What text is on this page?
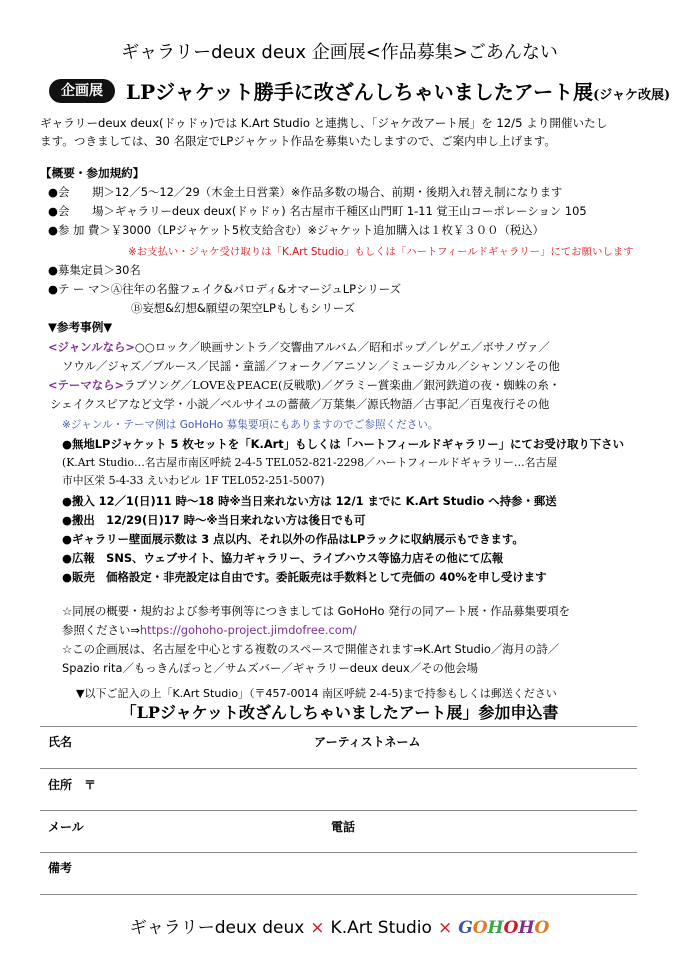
ギャラリーdeux deux 企画展<作品募集>ごあんない
企画展	LPジャケット勝手に改ざんしちゃいましたアート展(ジャケ改展)
ギャラリーdeux deux(ドゥドゥ)では K.Art Studio と連携し、「ジャケ改アート展」を 12/5 より開催いたし
ます。つきましては、30 名限定でLPジャケット作品を募集いたしますので、ご案内申し上げます。
【概要・参加規約】
●会　　期＞12／5〜12／29（木金土日営業）※作品多数の場合、前期・後期入れ替え制になります
●会　　場＞ギャラリーdeux deux(ドゥドゥ) 名古屋市千種区山門町 1-11 覚王山コーポレーション 105
●参 加 費＞￥3000（LPジャケット5枚支給含む）※ジャケット追加購入は１枚￥３００（税込）
※お支払い・ジャケ受け取りは「K.Art Studio」もしくは「ハートフィールドギャラリー」にてお願いします
●募集定員＞30名
●テ ー マ＞Ⓐ往年の名盤フェイク&パロディ&オマージュLPシリーズ
Ⓑ妄想&幻想&願望の架空LPもしもシリーズ
▼参考事例▼
<ジャンルなら>○○ロック／映画サントラ／交響曲アルバム／昭和ポップ／レゲエ／ボサノヴァ／
ソウル／ジャズ／ブルース／民謡・童謡／フォーク／アニソン／ミュージカル／シャンソンその他
<テーマなら>ラブソング／LOVE＆PEACE(反戦歌)／グラミー賞楽曲／銀河鉄道の夜・蜘蛛の糸・
シェイクスピアなど文学・小説／ベルサイユの薔薇／万葉集／源氏物語／古事記／百鬼夜行その他
※ジャンル・テーマ例は GoHoHo 募集要項にもありますのでご参照ください。
●無地LPジャケット 5 枚セットを「K.Art」もしくは「ハートフィールドギャラリー」にてお受け取り下さい
(K.Art Studio…名古屋市南区呼続 2-4-5 TEL052-821-2298／ハートフィールドギャラリー…名古屋
市中区栄 5-4-33 えいわビル 1F TEL052-251-5007)
●搬入 12／1(日)11 時〜18 時※当日来れない方は 12/1 までに K.Art Studio へ持参・郵送
●搬出　12/29(日)17 時〜※当日来れない方は後日でも可
●ギャラリー壁面展示数は 3 点以内、それ以外の作品はLPラックに収納展示もできます。
●広報　SNS、ウェブサイト、協力ギャラリー、ライブハウス等協力店その他にて広報
●販売　価格設定・非売設定は自由です。委託販売は手数料として売価の 40%を申し受けます
☆同展の概要・規約および参考事例等につきましては GoHoHo 発行の同アート展・作品募集要項を
参照ください⇒https://gohoho-project.jimdofree.com/
☆この企画展は、名古屋を中心とする複数のスペースで開催されます⇒K.Art Studio／海月の詩／
Spazio rita／もっきんぽっと／サムズバー／ギャラリーdeux deux／その他会場
▼以下ご記入の上「K.Art Studio」（〒457-0014 南区呼続 2-4-5)まで持参もしくは郵送ください
「LPジャケット改ざんしちゃいましたアート展」参加申込書
氏名	アーティストネーム
住所　〒
メール	電話
備考
ギャラリーdeux deux × K.Art Studio × GOHOHO
